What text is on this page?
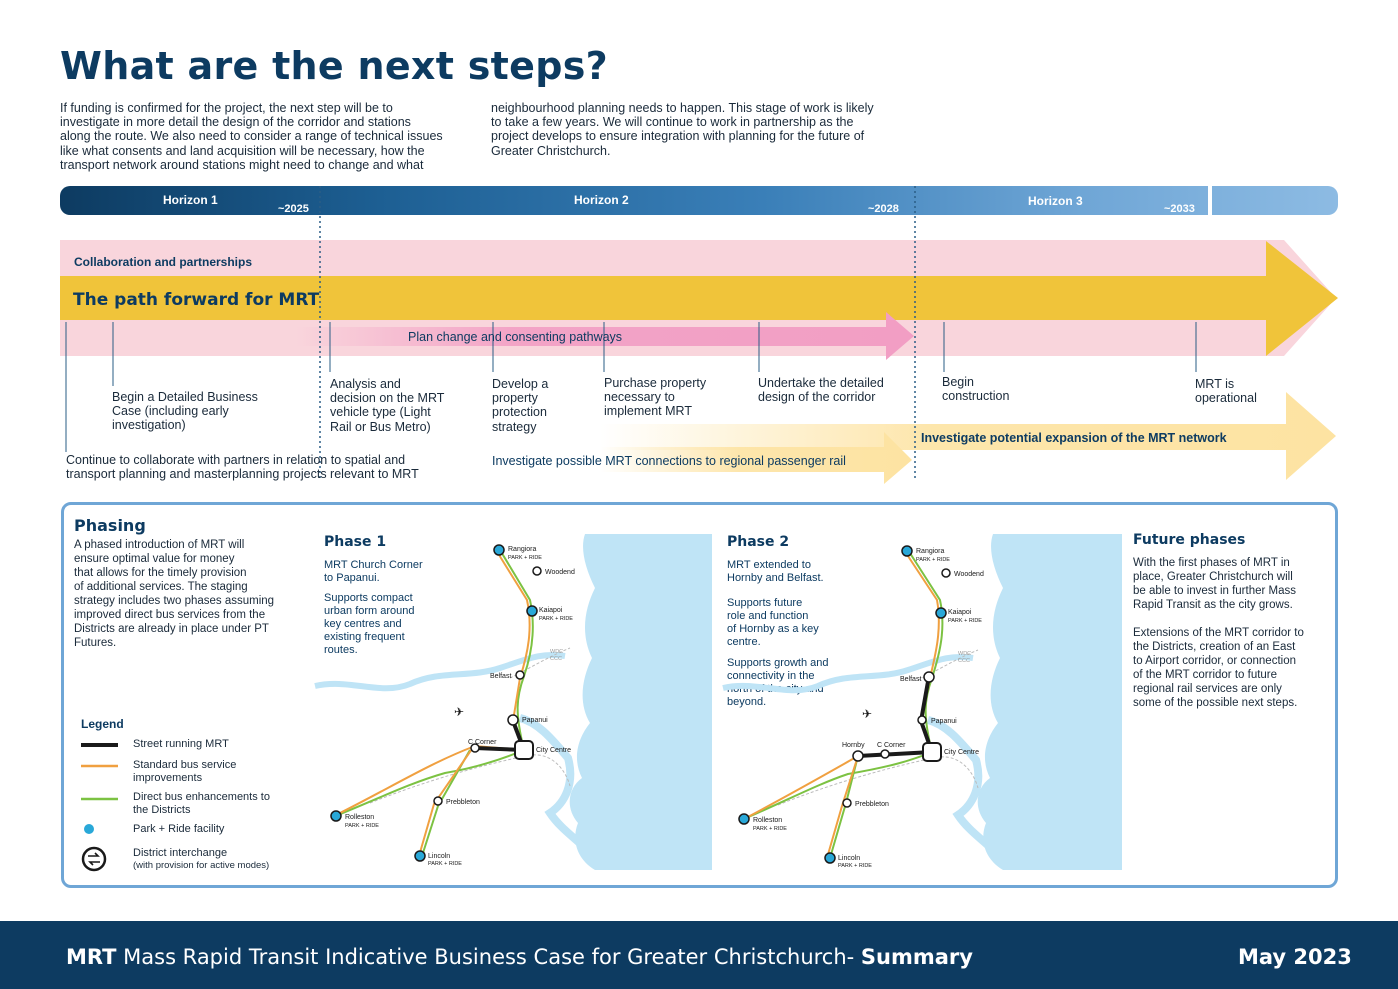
What are the next steps?
If funding is confirmed for the project, the next step will be to
investigate in more detail the design of the corridor and stations
along the route. We also need to consider a range of technical issues
like what consents and land acquisition will be necessary, how the
transport network around stations might need to change and what
neighbourhood planning needs to happen. This stage of work is likely
to take a few years. We will continue to work in partnership as the
project develops to ensure integration with planning for the future of
Greater Christchurch.
Horizon 1
~2025
Horizon 2
~2028
Horizon 3
~2033
Collaboration and partnerships
The path forward for MRT
Plan change and consenting pathways
Investigate potential expansion of the MRT network
Investigate possible MRT connections to regional passenger rail
Begin a Detailed Business
Case (including early
investigation)
Analysis and
decision on the MRT
vehicle type (Light
Rail or Bus Metro)
Develop a
property
protection
strategy
Purchase property
necessary to
implement MRT
Undertake the detailed
design of the corridor
Begin
construction
MRT is
operational
Continue to collaborate with partners in relation to spatial and
transport planning and masterplanning projects relevant to MRT
Phasing
A phased introduction of MRT will
ensure optimal value for money
that allows for the timely provision
of additional services. The staging
strategy includes two phases assuming
improved direct bus services from the
Districts are already in place under PT
Futures.
Legend
Street running MRT
Standard bus service
improvements
Direct bus enhancements to
the Districts
Park + Ride facility
District interchange
(with provision for active modes)
Phase 1
MRT Church Corner
to Papanui.
Supports compact
urban form around
key centres and
existing frequent
routes.
Phase 2
MRT extended to
Hornby and Belfast.
Supports future
role and function
of Hornby as a key
centre.
Supports growth and
connectivity in the
north of the city and
beyond.
Future phases
With the first phases of MRT in
place, Greater Christchurch will
be able to invest in further Mass
Rapid Transit as the city grows.
Extensions of the MRT corridor to
the Districts, creation of an East
to Airport corridor, or connection
of the MRT corridor to future
regional rail services are only
some of the possible next steps.
✈
Rangiora
PARK + RIDE
Woodend
Kaiapoi
PARK + RIDE
WDC
CCC
Belfast
Papanui
C Corner
City Centre
Prebbleton
Rolleston
PARK + RIDE
Lincoln
PARK + RIDE
✈
Rangiora
PARK + RIDE
Woodend
Kaiapoi
PARK + RIDE
WDC
CCC
Belfast
Papanui
Hornby C Corner
City Centre
Prebbleton
Rolleston
PARK + RIDE
Lincoln
PARK + RIDE
MRT Mass Rapid Transit Indicative Business Case for Greater Christchurch- Summary	May 2023
